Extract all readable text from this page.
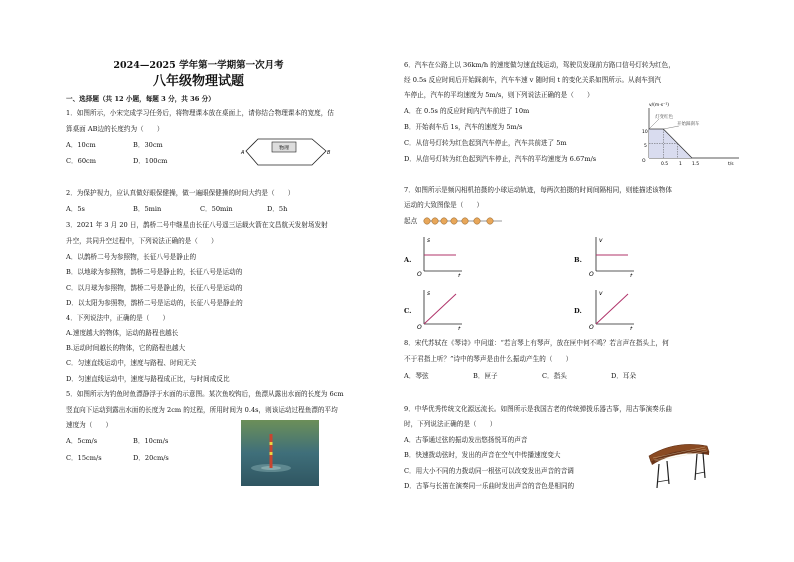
2024—2025 学年第一学期第一次月考
八年级物理试题
一、选择题（共 12 小题，每题 3 分，共 36 分）
1．如图所示，小宋完成学习任务后，将物理课本放在桌面上，请你结合物理课本的宽度，估
算桌面 AB边的长度约为（　　）
A．10cm	B．30cm
C．60cm	D．100cm
物理
A	B
2．为保护视力，应认真做好眼保健操，做一遍眼保健操的时间大约是（　　）
A．5s	B．5min	C．50min	D．5h
3．2021 年 3 月 20 日，鹊桥二号中继星由长征八号遥三运载火箭在文昌航天发射场发射
升空，共同升空过程中，下列说法正确的是（　　）
A．以鹊桥二号为参照物，长征八号是静止的
B．以地球为参照物，鹊桥二号是静止的，长征八号是运动的
C．以月球为参照物，鹊桥二号是静止的，长征八号是运动的
D．以太阳为参照物，鹊桥二号是运动的，长征八号是静止的
4．下列说法中，正确的是（　　）
A.速度越大的物体，运动的路程也越长
B.运动时间越长的物体，它的路程也越大
C．匀速直线运动中，速度与路程、时间无关
D．匀速直线运动中，速度与路程成正比，与时间成反比
5．如图所示为钓鱼时鱼漂静浮于水面的示意图。某次鱼咬钩后，鱼漂从露出水面的长度为 6cm
竖直向下运动到露出水面的长度为 2cm 的过程，所用时间为 0.4s，则该运动过程鱼漂的平均
速度为（　　）
A．5cm/s	B．10cm/s
C．15cm/s	D．20cm/s
6．汽车在公路上以 36km/h 的速度做匀速直线运动，驾驶员发现前方路口信号灯转为红色，
经 0.5s 反应时间后开始踩刹车，汽车车速 v 随时间 t 的变化关系如图所示。从刹车到汽
车停止，汽车的平均速度为 5m/s，则下列说法正确的是（　　）
A．在 0.5s 的反应时间内汽车前进了 10m
B．开始刹车后 1s，汽车的速度为 5m/s
C．从信号灯转为红色起到汽车停止，汽车共前进了 5m
D．从信号灯转为红色起到汽车停止，汽车的平均速度为 6.67m/s
v/(m·s⁻¹)
灯变红色
开始踩刹车
O
10
5
0.5 1 1.5	t/s
7．如图所示是频闪相机拍摄的小球运动轨迹，每两次拍摄的时间间隔相同，则能描述该物体
运动的大致图像是（　　）
起点
A.
s
O	t
B.
v
O	t
C.
s
O	t
D.
v
O	t
8．宋代苏轼在《琴诗》中问道：“若言琴上有琴声，放在匣中何不鸣？若言声在指头上，何
不于君指上听？”诗中的琴声是由什么振动产生的（　　）
A．琴弦	B．匣子	C．指头	D．耳朵
9．中华优秀传统文化源远流长。如图所示是我国古老的传统弹拨乐器古筝，用古筝演奏乐曲
时，下列说法正确的是（　　）
A．古筝通过弦的振动发出悠扬悦耳的声音
B．快速拨动弦时，发出的声音在空气中传播速度变大
C．用大小不同的力拨动同一根弦可以改变发出声音的音调
D．古筝与长笛在演奏同一乐曲时发出声音的音色是相同的
